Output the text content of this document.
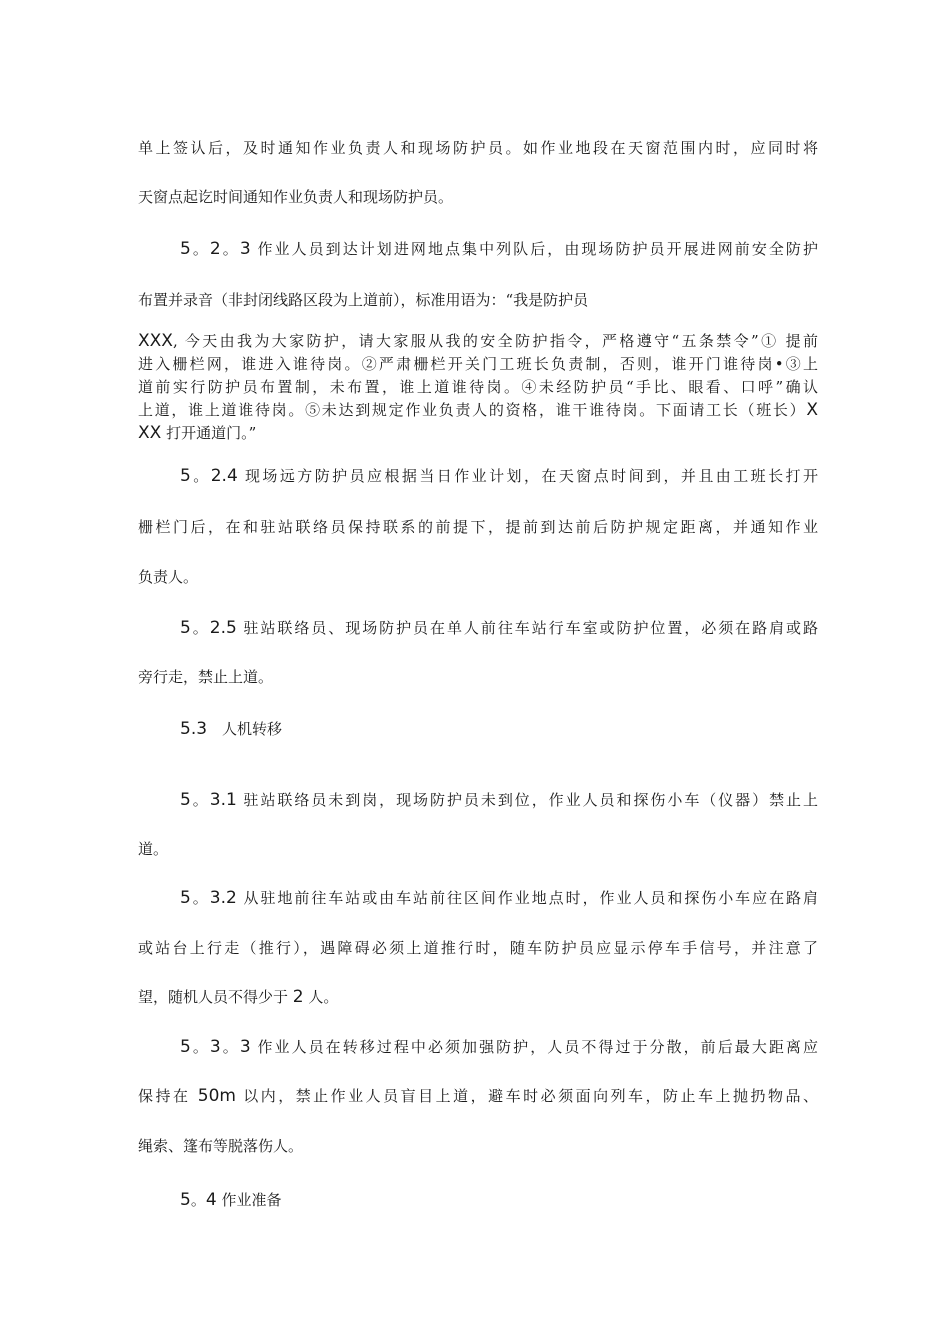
单上签认后，及时通知作业负责人和现场防护员。如作业地段在天窗范围内时，应同时将
天窗点起讫时间通知作业负责人和现场防护员。
5。2。3 作业人员到达计划进网地点集中列队后，由现场防护员开展进网前安全防护
布置并录音（非封闭线路区段为上道前），标准用语为：“我是防护员
XXX, 今天由我为大家防护，请大家服从我的安全防护指令，严格遵守“五条禁令”① 提前
进入栅栏网，谁进入谁待岗。②严肃栅栏开关门工班长负责制，否则，谁开门谁待岗•③上
道前实行防护员布置制，未布置，谁上道谁待岗。④未经防护员“手比、眼看、口呼”确认
上道，谁上道谁待岗。⑤未达到规定作业负责人的资格，谁干谁待岗。下面请工长（班长）X
XX 打开通道门。”
5。2.4 现场远方防护员应根据当日作业计划，在天窗点时间到，并且由工班长打开
栅栏门后，在和驻站联络员保持联系的前提下，提前到达前后防护规定距离，并通知作业
负责人。
5。2.5 驻站联络员、现场防护员在单人前往车站行车室或防护位置，必须在路肩或路
旁行走，禁止上道。
5.3　人机转移
5。3.1 驻站联络员未到岗，现场防护员未到位，作业人员和探伤小车（仪器）禁止上
道。
5。3.2 从驻地前往车站或由车站前往区间作业地点时，作业人员和探伤小车应在路肩
或站台上行走（推行），遇障碍必须上道推行时，随车防护员应显示停车手信号，并注意了
望，随机人员不得少于 2 人。
5。3。3 作业人员在转移过程中必须加强防护，人员不得过于分散，前后最大距离应
保持在 50m 以内，禁止作业人员盲目上道，避车时必须面向列车，防止车上抛扔物品、
绳索、篷布等脱落伤人。
5。4 作业准备
